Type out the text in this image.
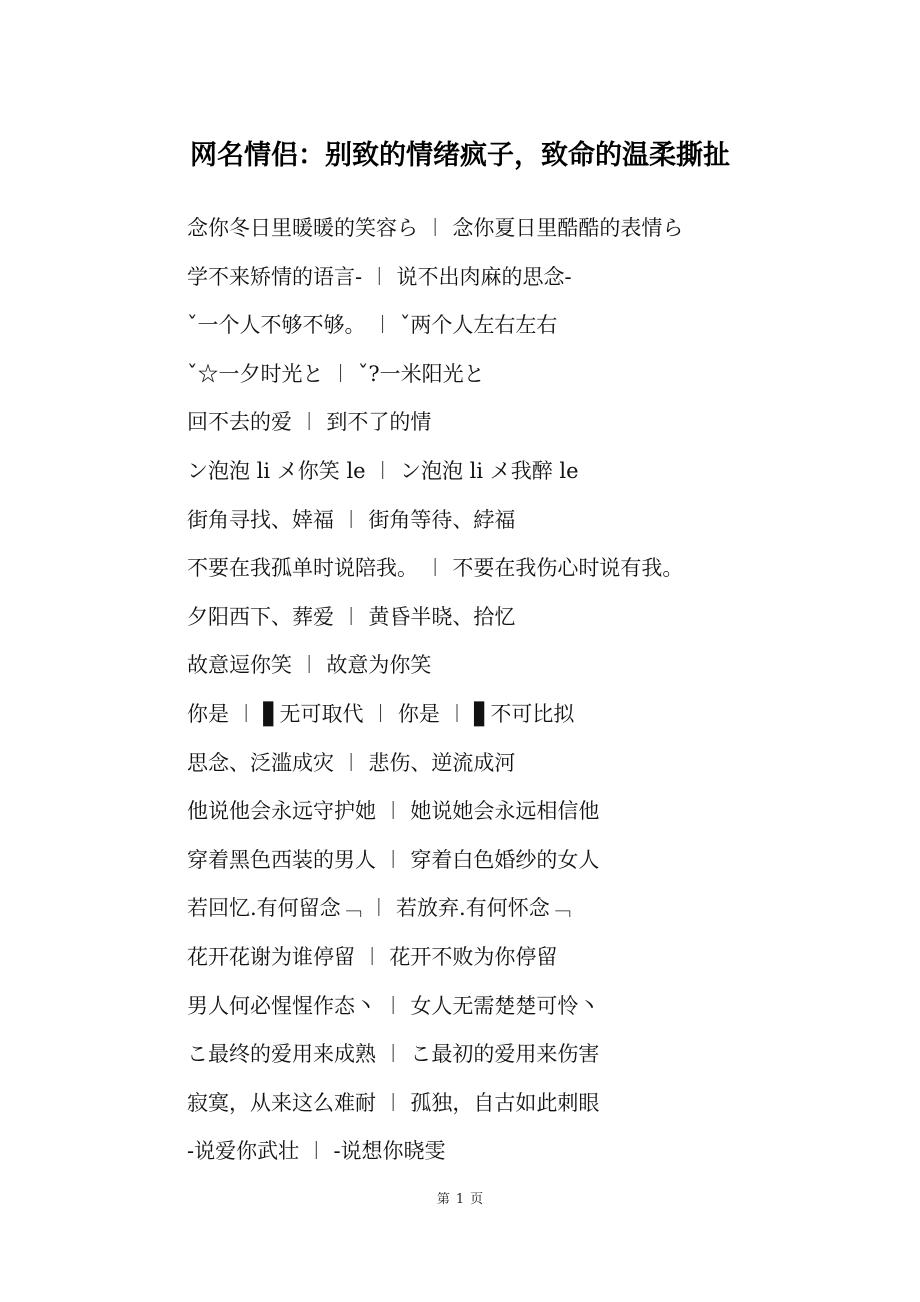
网名情侣：别致的情绪疯子，致命的温柔撕扯
念你冬日里暖暖的笑容ら ︱ 念你夏日里酷酷的表情ら
学不来矫情的语言- ︱ 说不出肉麻的思念-
ˇ一个人不够不够。 ︱ ˇ两个人左右左右
ˇ☆一夕时光と ︱ ˇ?一米阳光と
回不去的爱 ︱ 到不了的情
ン泡泡 li メ你笑 le ︱ ン泡泡 li メ我醉 le
街角寻找、婞福 ︱ 街角等待、綍福
不要在我孤单时说陪我。 ︱ 不要在我伤心时说有我。
夕阳西下、葬爱 ︱ 黄昏半晓、拾忆
故意逗你笑 ︱ 故意为你笑
你是 ︱ ▋无可取代 ︱ 你是 ︱ ▋不可比拟
思念、泛滥成灾 ︱ 悲伤、逆流成河
他说他会永远守护她 ︱ 她说她会永远相信他
穿着黑色西装的男人 ︱ 穿着白色婚纱的女人
若回忆.有何留念﹁ ︱ 若放弃.有何怀念﹁
花开花谢为谁停留 ︱ 花开不败为你停留
男人何必惺惺作态丶 ︱ 女人无需楚楚可怜丶
こ最终的爱用来成熟 ︱ こ最初的爱用来伤害
寂寞，从来这么难耐 ︱ 孤独，自古如此刺眼
-说爱你武壮 ︱ -说想你晓雯
第 1 页
